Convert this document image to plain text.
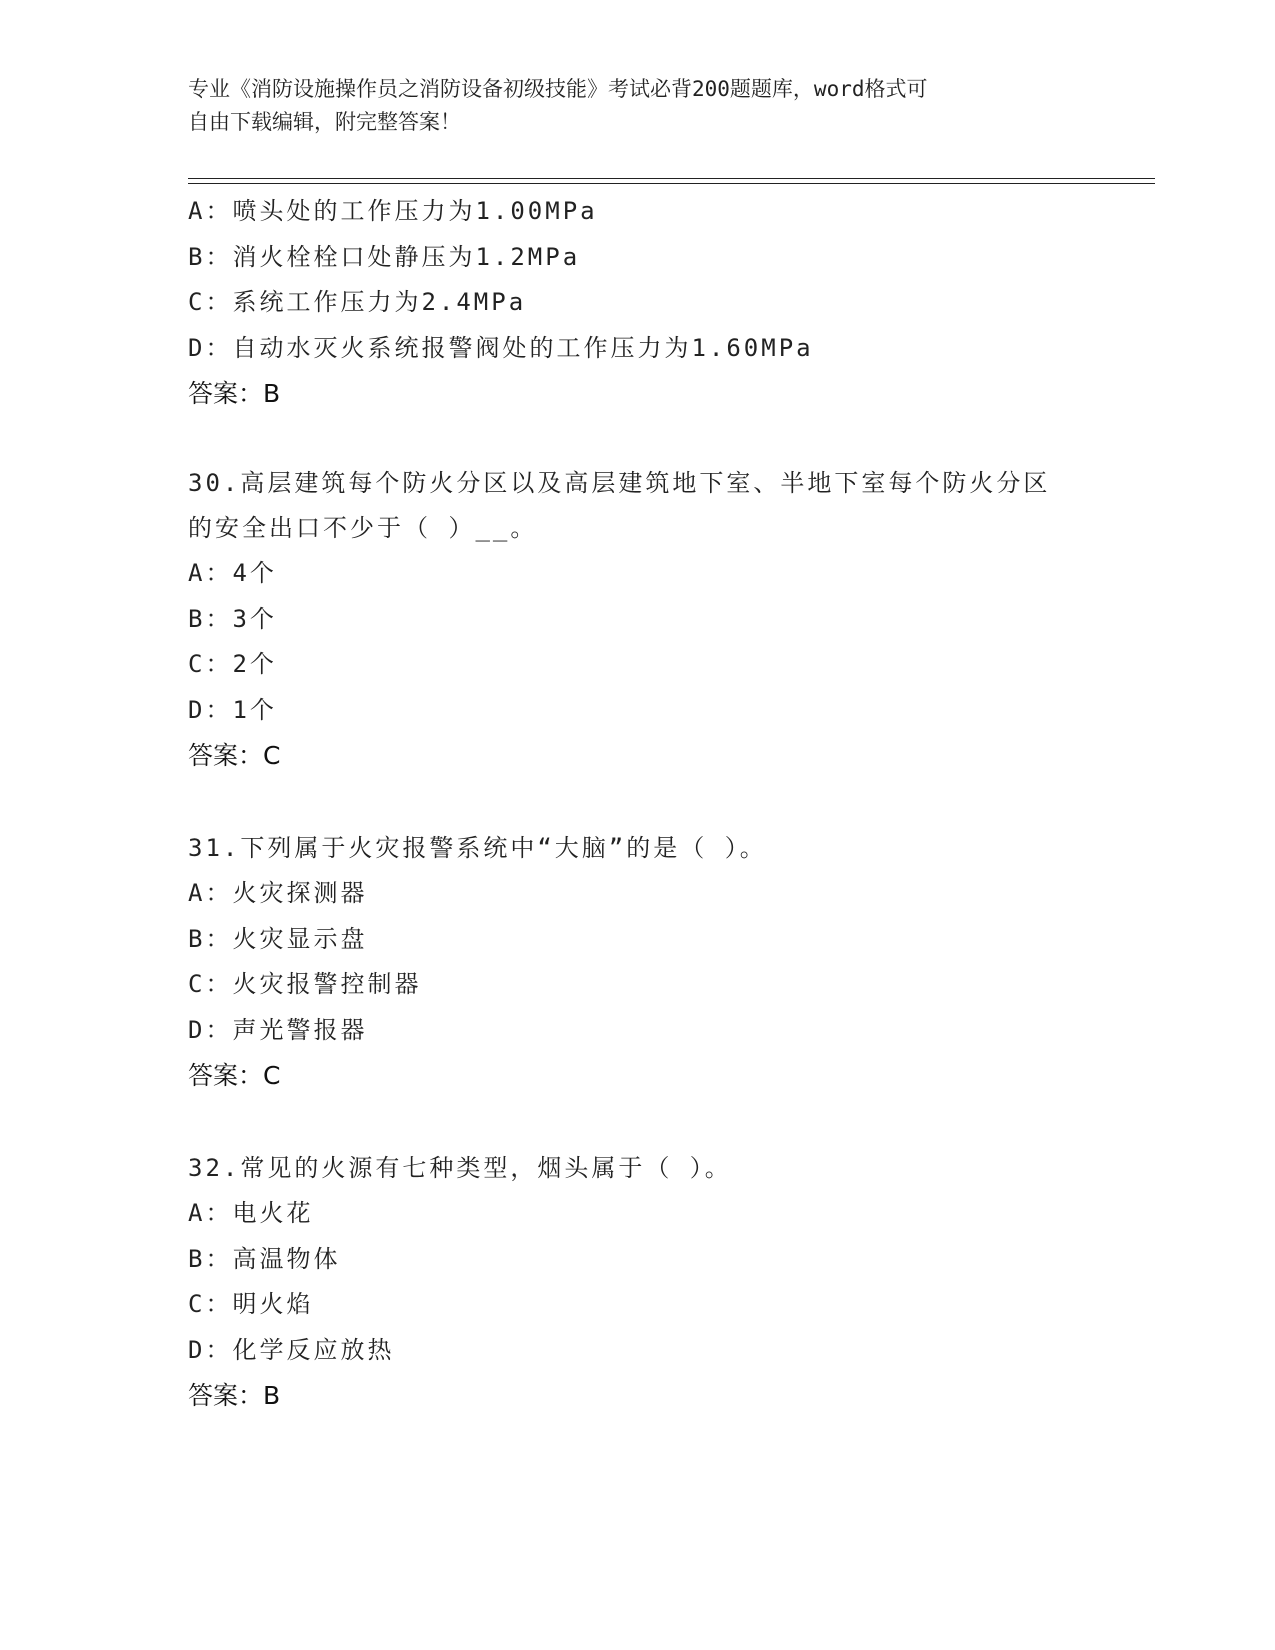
专业《消防设施操作员之消防设备初级技能》考试必背200题题库，word格式可
自由下载编辑，附完整答案！
A：喷头处的工作压力为1.00MPa
B：消火栓栓口处静压为1.2MPa
C：系统工作压力为2.4MPa
D：自动水灭火系统报警阀处的工作压力为1.60MPa
答案：B
30.高层建筑每个防火分区以及高层建筑地下室、半地下室每个防火分区的安全出口不少于（ ）__。
A：4个
B：3个
C：2个
D：1个
答案：C
31.下列属于火灾报警系统中“大脑”的是（ ）。
A：火灾探测器
B：火灾显示盘
C：火灾报警控制器
D：声光警报器
答案：C
32.常见的火源有七种类型，烟头属于（ ）。
A：电火花
B：高温物体
C：明火焰
D：化学反应放热
答案：B
